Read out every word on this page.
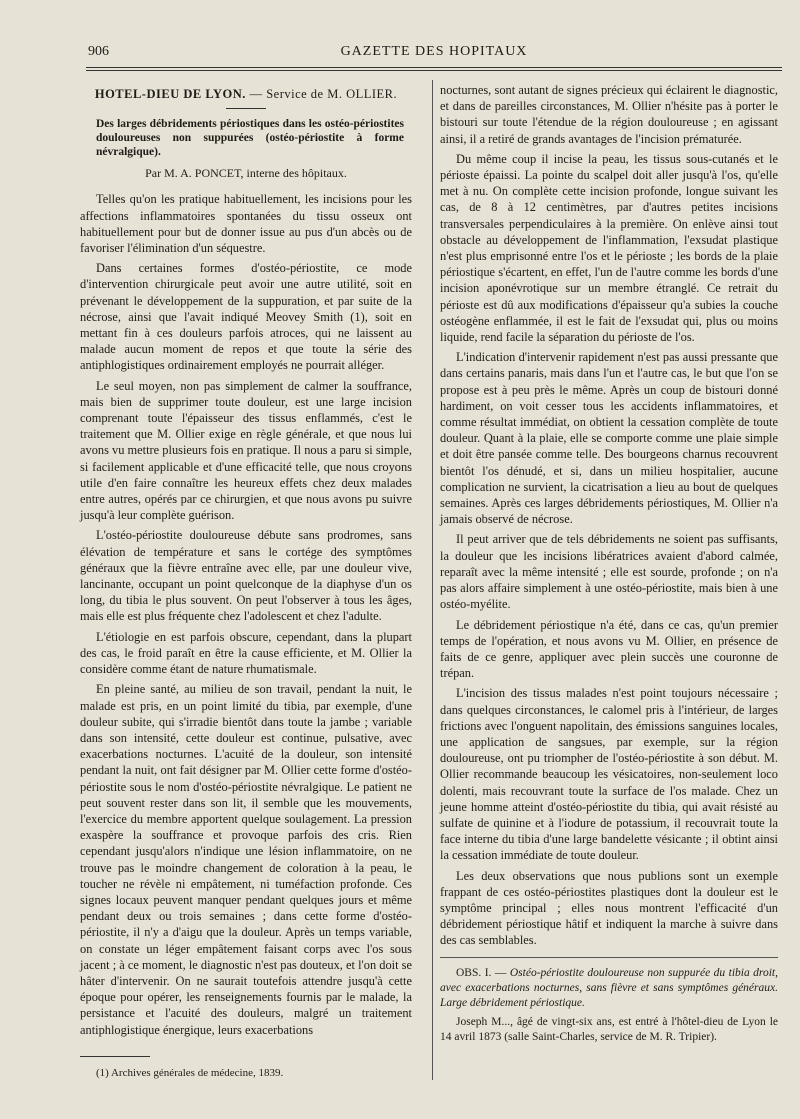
906	GAZETTE DES HOPITAUX
HOTEL-DIEU DE LYON. — Service de M. OLLIER.
Des larges débridements périostiques dans les ostéo-périostites douloureuses non suppurées (ostéo-périostite à forme névralgique).
Par M. A. PONCET, interne des hôpitaux.

Telles qu'on les pratique habituellement, les incisions pour les affections inflammatoires spontanées du tissu osseux ont habituellement pour but de donner issue au pus d'un abcès ou de favoriser l'élimination d'un séquestre.

Dans certaines formes d'ostéo-périostite, ce mode d'intervention chirurgicale peut avoir une autre utilité, soit en prévenant le développement de la suppuration, et par suite de la nécrose, ainsi que l'avait indiqué Meovey Smith (1), soit en mettant fin à ces douleurs parfois atroces, qui ne laissent au malade aucun moment de repos et que toute la série des antiphlogistiques ordinairement employés ne pourrait alléger.

Le seul moyen, non pas simplement de calmer la souffrance, mais bien de supprimer toute douleur, est une large incision comprenant toute l'épaisseur des tissus enflammés, c'est le traitement que M. Ollier exige en règle générale, et que nous lui avons vu mettre plusieurs fois en pratique. Il nous a paru si simple, si facilement applicable et d'une efficacité telle, que nous croyons utile d'en faire connaître les heureux effets chez deux malades entre autres, opérés par ce chirurgien, et que nous avons pu suivre jusqu'à leur complète guérison.

L'ostéo-périostite douloureuse débute sans prodromes, sans élévation de température et sans le cortége des symptômes généraux que la fièvre entraîne avec elle, par une douleur vive, lancinante, occupant un point quelconque de la diaphyse d'un os long, du tibia le plus souvent. On peut l'observer à tous les âges, mais elle est plus fréquente chez l'adolescent et chez l'adulte.

L'étiologie en est parfois obscure, cependant, dans la plupart des cas, le froid paraît en être la cause efficiente, et M. Ollier la considère comme étant de nature rhumatismale.

En pleine santé, au milieu de son travail, pendant la nuit, le malade est pris, en un point limité du tibia, par exemple, d'une douleur subite, qui s'irradie bientôt dans toute la jambe ; variable dans son intensité, cette douleur est continue, pulsative, avec exacerbations nocturnes. L'acuité de la douleur, son intensité pendant la nuit, ont fait désigner par M. Ollier cette forme d'ostéo-périostite sous le nom d'ostéo-périostite névralgique. Le patient ne peut souvent rester dans son lit, il semble que les mouvements, l'exercice du membre apportent quelque soulagement. La pression exaspère la souffrance et provoque parfois des cris. Rien cependant jusqu'alors n'indique une lésion inflammatoire, on ne trouve pas le moindre changement de coloration à la peau, le toucher ne révèle ni empâtement, ni tuméfaction profonde. Ces signes locaux peuvent manquer pendant quelques jours et même pendant deux ou trois semaines ; dans cette forme d'ostéo-périostite, il n'y a d'aigu que la douleur. Après un temps variable, on constate un léger empâtement faisant corps avec l'os sous jacent ; à ce moment, le diagnostic n'est pas douteux, et l'on doit se hâter d'intervenir. On ne saurait toutefois attendre jusqu'à cette époque pour opérer, les renseignements fournis par le malade, la persistance et l'acuité des douleurs, malgré un traitement antiphlogistique énergique, leurs exacerbations

(1) Archives générales de médecine, 1839.

nocturnes, sont autant de signes précieux qui éclairent le diagnostic, et dans de pareilles circonstances, M. Ollier n'hésite pas à porter le bistouri sur toute l'étendue de la région douloureuse ; en agissant ainsi, il a retiré de grands avantages de l'incision prématurée.

Du même coup il incise la peau, les tissus sous-cutanés et le périoste épaissi. La pointe du scalpel doit aller jusqu'à l'os, qu'elle met à nu. On complète cette incision profonde, longue suivant les cas, de 8 à 12 centimètres, par d'autres petites incisions transversales perpendiculaires à la première. On enlève ainsi tout obstacle au développement de l'inflammation, l'exsudat plastique n'est plus emprisonné entre l'os et le périoste ; les bords de la plaie périostique s'écartent, en effet, l'un de l'autre comme les bords d'une incision aponévrotique sur un membre étranglé. Ce retrait du périoste est dû aux modifications d'épaisseur qu'a subies la couche ostéogène enflammée, il est le fait de l'exsudat qui, plus ou moins liquide, rend facile la séparation du périoste de l'os.

L'indication d'intervenir rapidement n'est pas aussi pressante que dans certains panaris, mais dans l'un et l'autre cas, le but que l'on se propose est à peu près le même. Après un coup de bistouri donné hardiment, on voit cesser tous les accidents inflammatoires, et comme résultat immédiat, on obtient la cessation complète de toute douleur. Quant à la plaie, elle se comporte comme une plaie simple et doit être pansée comme telle. Des bourgeons charnus recouvrent bientôt l'os dénudé, et si, dans un milieu hospitalier, aucune complication ne survient, la cicatrisation a lieu au bout de quelques semaines. Après ces larges débridements périostiques, M. Ollier n'a jamais observé de nécrose.

Il peut arriver que de tels débridements ne soient pas suffisants, la douleur que les incisions libératrices avaient d'abord calmée, reparaît avec la même intensité ; elle est sourde, profonde ; on n'a pas alors affaire simplement à une ostéo-périostite, mais bien à une ostéo-myélite.

Le débridement périostique n'a été, dans ce cas, qu'un premier temps de l'opération, et nous avons vu M. Ollier, en présence de faits de ce genre, appliquer avec plein succès une couronne de trépan.

L'incision des tissus malades n'est point toujours nécessaire ; dans quelques circonstances, le calomel pris à l'intérieur, de larges frictions avec l'onguent napolitain, des émissions sanguines locales, une application de sangsues, par exemple, sur la région douloureuse, ont pu triompher de l'ostéo-périostite à son début. M. Ollier recommande beaucoup les vésicatoires, non-seulement loco dolenti, mais recouvrant toute la surface de l'os malade. Chez un jeune homme atteint d'ostéo-périostite du tibia, qui avait résisté au sulfate de quinine et à l'iodure de potassium, il recouvrait toute la face interne du tibia d'une large bandelette vésicante ; il obtint ainsi la cessation immédiate de toute douleur.

Les deux observations que nous publions sont un exemple frappant de ces ostéo-périostites plastiques dont la douleur est le symptôme principal ; elles nous montrent l'efficacité d'un débridement périostique hâtif et indiquent la marche à suivre dans des cas semblables.

OBS. I. — Ostéo-périostite douloureuse non suppurée du tibia droit, avec exacerbations nocturnes, sans fièvre et sans symptômes généraux. Large débridement périostique.

Joseph M..., âgé de vingt-six ans, est entré à l'hôtel-dieu de Lyon le 14 avril 1873 (salle Saint-Charles, service de M. R. Tripier).
